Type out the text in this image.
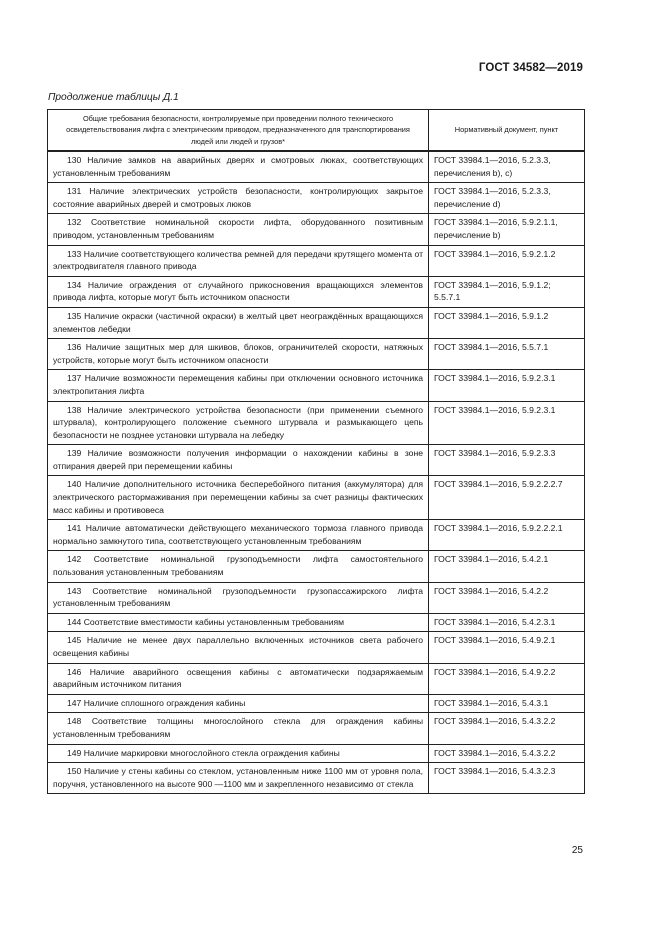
ГОСТ 34582—2019
Продолжение таблицы Д.1
Общие требования безопасности, контролируемые при проведении полного технического освидетельствования лифта с электрическим приводом, предназначенного для транспортирования людей или людей и грузов*	Нормативный документ, пункт
130 Наличие замков на аварийных дверях и смотровых люках, соответствующих установленным требованиям	ГОСТ 33984.1—2016, 5.2.3.3, перечисления b), c)
131 Наличие электрических устройств безопасности, контролирующих закрытое состояние аварийных дверей и смотровых люков	ГОСТ 33984.1—2016, 5.2.3.3, перечисление d)
132 Соответствие номинальной скорости лифта, оборудованного позитивным приводом, установленным требованиям	ГОСТ 33984.1—2016, 5.9.2.1.1, перечисление b)
133 Наличие соответствующего количества ремней для передачи крутящего момента от электродвигателя главного привода	ГОСТ 33984.1—2016, 5.9.2.1.2
134 Наличие ограждения от случайного прикосновения вращающихся элементов привода лифта, которые могут быть источником опасности	ГОСТ 33984.1—2016, 5.9.1.2; 5.5.7.1
135 Наличие окраски (частичной окраски) в желтый цвет неограждённых вращающихся элементов лебедки	ГОСТ 33984.1—2016, 5.9.1.2
136 Наличие защитных мер для шкивов, блоков, ограничителей скорости, натяжных устройств, которые могут быть источником опасности	ГОСТ 33984.1—2016, 5.5.7.1
137 Наличие возможности перемещения кабины при отключении основного источника электропитания лифта	ГОСТ 33984.1—2016, 5.9.2.3.1
138 Наличие электрического устройства безопасности (при применении съемного штурвала), контролирующего положение съемного штурвала и размыкающего цепь безопасности не позднее установки штурвала на лебедку	ГОСТ 33984.1—2016, 5.9.2.3.1
139 Наличие возможности получения информации о нахождении кабины в зоне отпирания дверей при перемещении кабины	ГОСТ 33984.1—2016, 5.9.2.3.3
140 Наличие дополнительного источника бесперебойного питания (аккумулятора) для электрического растормаживания при перемещении кабины за счет разницы фактических масс кабины и противовеса	ГОСТ 33984.1—2016, 5.9.2.2.2.7
141 Наличие автоматически действующего механического тормоза главного привода нормально замкнутого типа, соответствующего установленным требованиям	ГОСТ 33984.1—2016, 5.9.2.2.2.1
142 Соответствие номинальной грузоподъемности лифта самостоятельного пользования установленным требованиям	ГОСТ 33984.1—2016, 5.4.2.1
143 Соответствие номинальной грузоподъемности грузопассажирского лифта установленным требованиям	ГОСТ 33984.1—2016, 5.4.2.2
144 Соответствие вместимости кабины установленным требованиям	ГОСТ 33984.1—2016, 5.4.2.3.1
145 Наличие не менее двух параллельно включенных источников света рабочего освещения кабины	ГОСТ 33984.1—2016, 5.4.9.2.1
146 Наличие аварийного освещения кабины с автоматически подзаряжаемым аварийным источником питания	ГОСТ 33984.1—2016, 5.4.9.2.2
147 Наличие сплошного ограждения кабины	ГОСТ 33984.1—2016, 5.4.3.1
148 Соответствие толщины многослойного стекла для ограждения кабины установленным требованиям	ГОСТ 33984.1—2016, 5.4.3.2.2
149 Наличие маркировки многослойного стекла ограждения кабины	ГОСТ 33984.1—2016, 5.4.3.2.2
150 Наличие у стены кабины со стеклом, установленным ниже 1100 мм от уровня пола, поручня, установленного на высоте 900 —1100 мм и закрепленного независимо от стекла	ГОСТ 33984.1—2016, 5.4.3.2.3
25
